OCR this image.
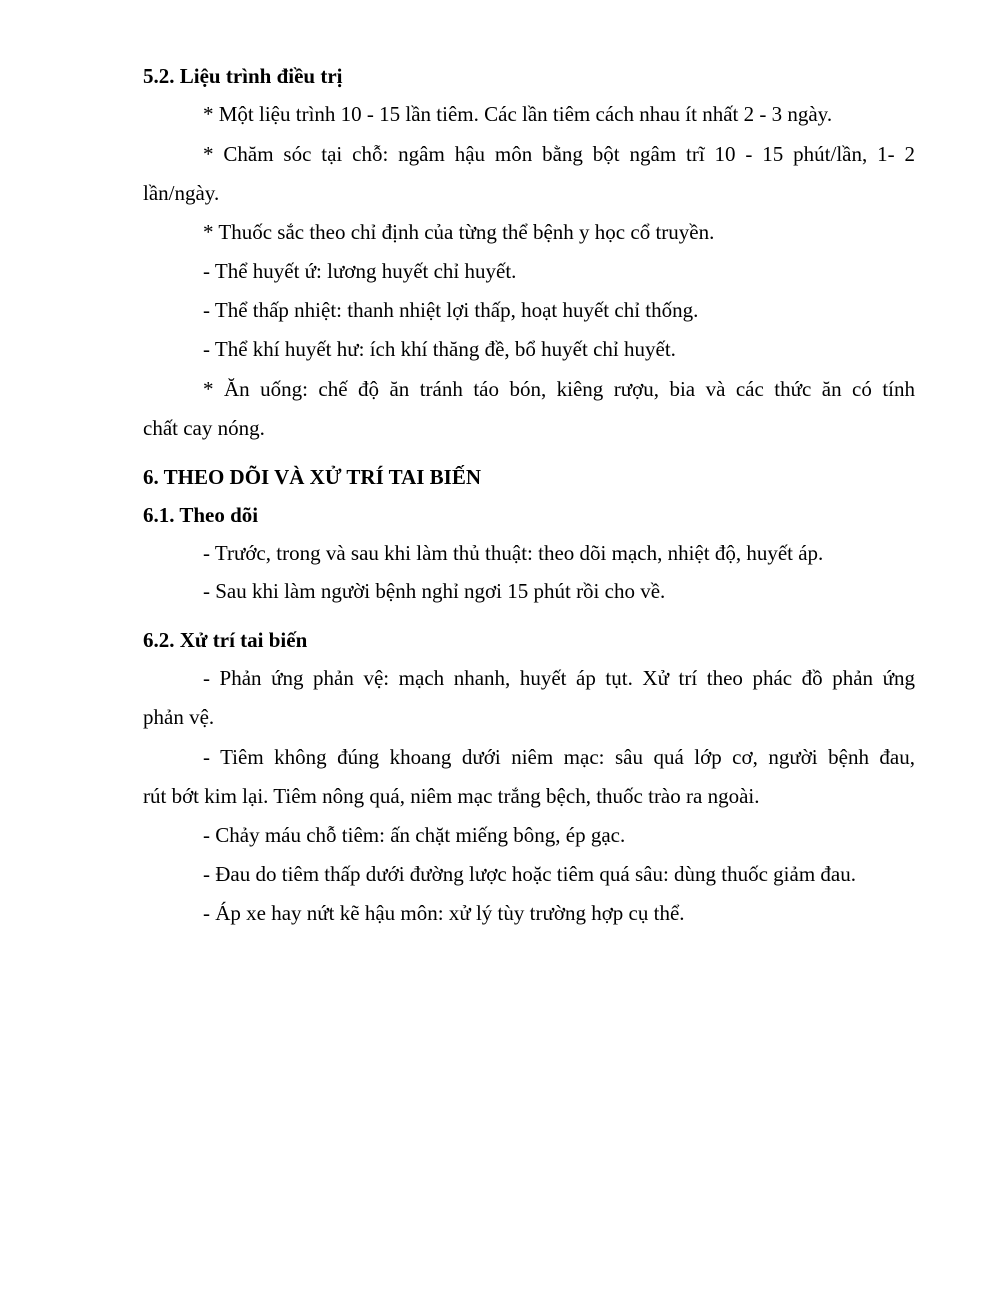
5.2. Liệu trình điều trị
* Một liệu trình 10 - 15 lần tiêm. Các lần tiêm cách nhau ít nhất 2 - 3 ngày.
* Chăm sóc tại chỗ: ngâm hậu môn bằng bột ngâm trĩ 10 - 15 phút/lần, 1- 2
lần/ngày.
* Thuốc sắc theo chỉ định của từng thể bệnh y học cổ truyền.
- Thể huyết ứ: lương huyết chỉ huyết.
- Thể thấp nhiệt: thanh nhiệt lợi thấp, hoạt huyết chỉ thống.
- Thể khí huyết hư: ích khí thăng đề, bổ huyết chỉ huyết.
* Ăn uống: chế độ ăn tránh táo bón, kiêng rượu, bia và các thức ăn có tính
chất cay nóng.
6. THEO DÕI VÀ XỬ TRÍ TAI BIẾN
6.1. Theo dõi
- Trước, trong và sau khi làm thủ thuật: theo dõi mạch, nhiệt độ, huyết áp.
- Sau khi làm người bệnh nghỉ ngơi 15 phút rồi cho về.
6.2. Xử trí tai biến
- Phản ứng phản vệ: mạch nhanh, huyết áp tụt. Xử trí theo phác đồ phản ứng
phản vệ.
- Tiêm không đúng khoang dưới niêm mạc: sâu quá lớp cơ, người bệnh đau,
rút bớt kim lại. Tiêm nông quá, niêm mạc trắng bệch, thuốc trào ra ngoài.
- Chảy máu chỗ tiêm: ấn chặt miếng bông, ép gạc.
- Đau do tiêm thấp dưới đường lược hoặc tiêm quá sâu: dùng thuốc giảm đau.
- Áp xe hay nứt kẽ hậu môn: xử lý tùy trường hợp cụ thể.
